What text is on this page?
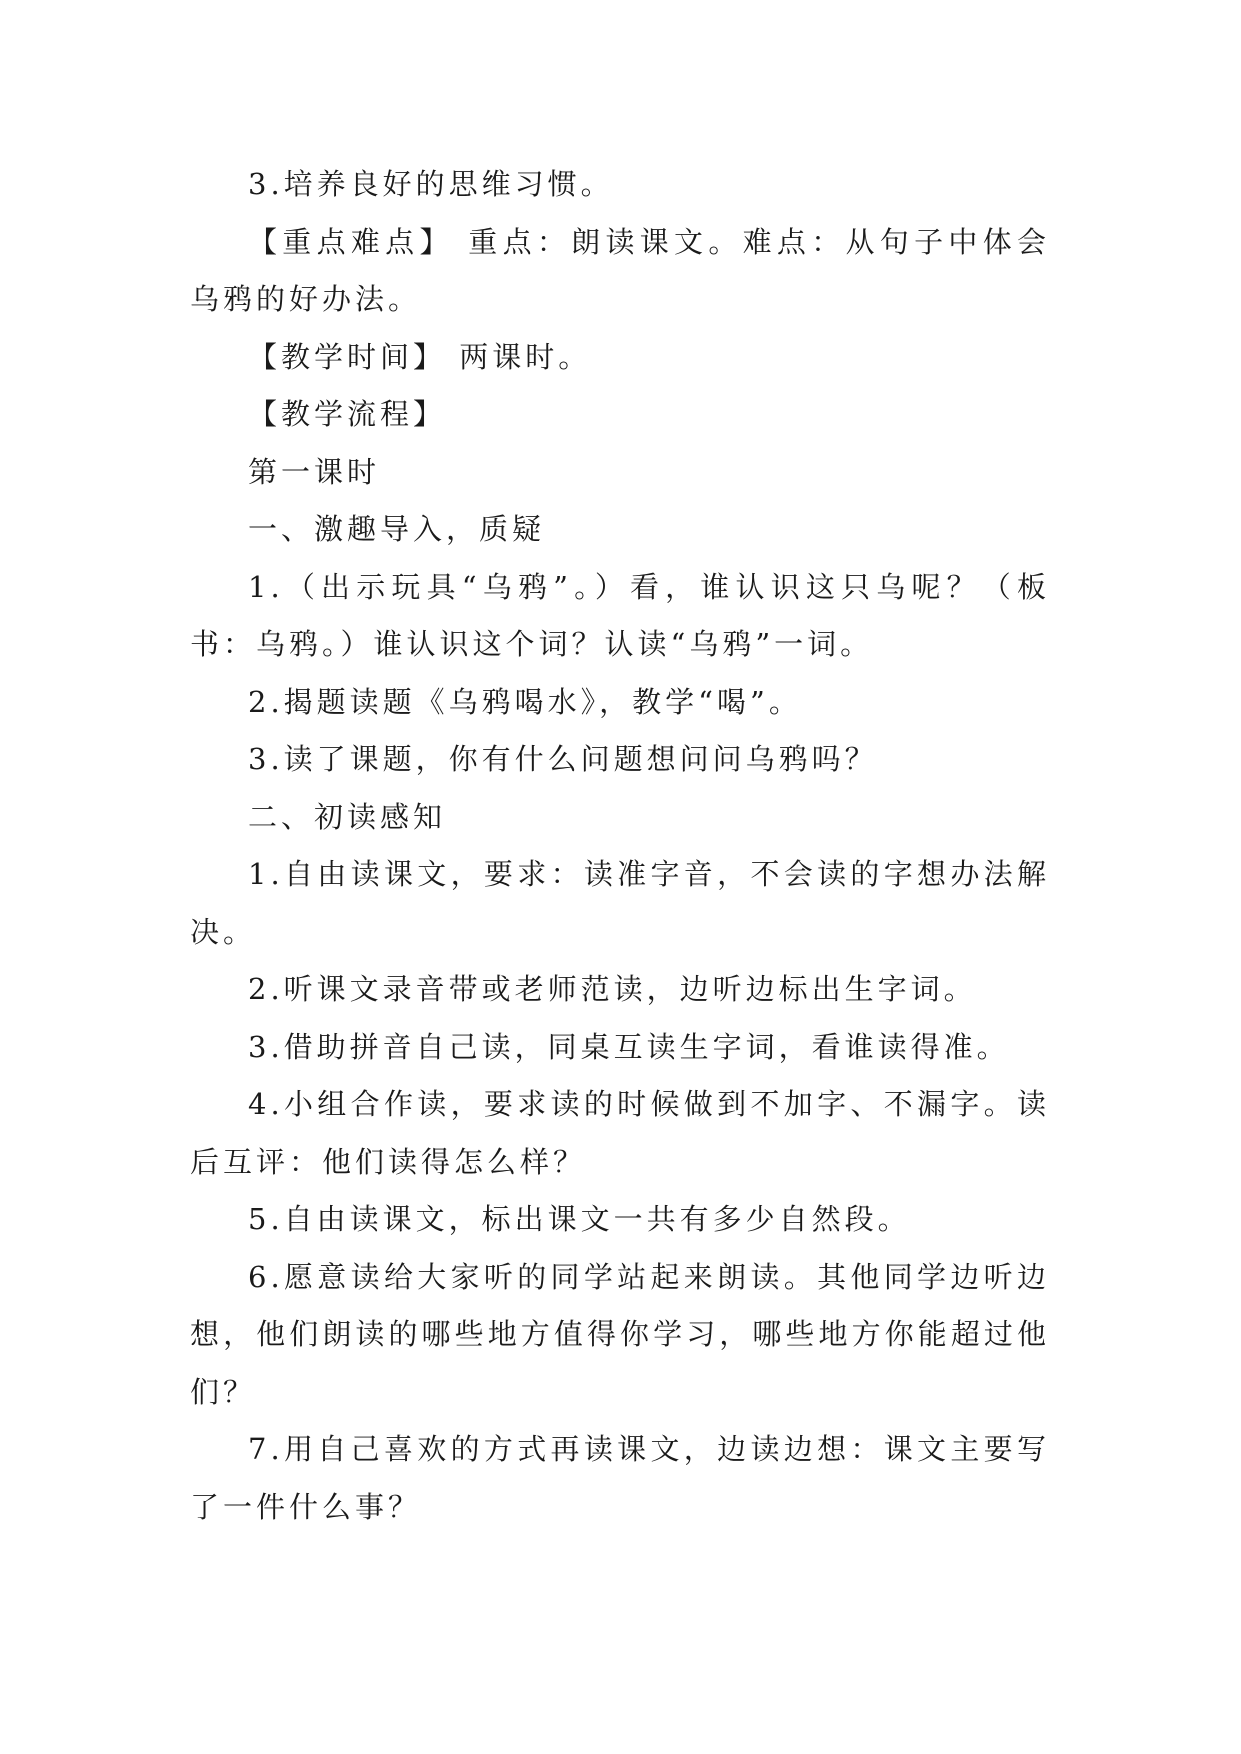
3.培养良好的思维习惯。

【重点难点】 重点：朗读课文。难点：从句子中体会乌鸦的好办法。

【教学时间】 两课时。

【教学流程】

第一课时

一、激趣导入，质疑

1.（出示玩具“乌鸦”。）看，谁认识这只乌呢？（板书：乌鸦。）谁认识这个词？认读“乌鸦”一词。

2.揭题读题《乌鸦喝水》，教学“喝”。

3.读了课题，你有什么问题想问问乌鸦吗？

二、初读感知

1.自由读课文，要求：读准字音，不会读的字想办法解决。

2.听课文录音带或老师范读，边听边标出生字词。

3.借助拼音自己读，同桌互读生字词，看谁读得准。

4.小组合作读，要求读的时候做到不加字、不漏字。读后互评：他们读得怎么样？

5.自由读课文，标出课文一共有多少自然段。

6.愿意读给大家听的同学站起来朗读。其他同学边听边想，他们朗读的哪些地方值得你学习，哪些地方你能超过他们？

7.用自己喜欢的方式再读课文，边读边想：课文主要写了一件什么事？
